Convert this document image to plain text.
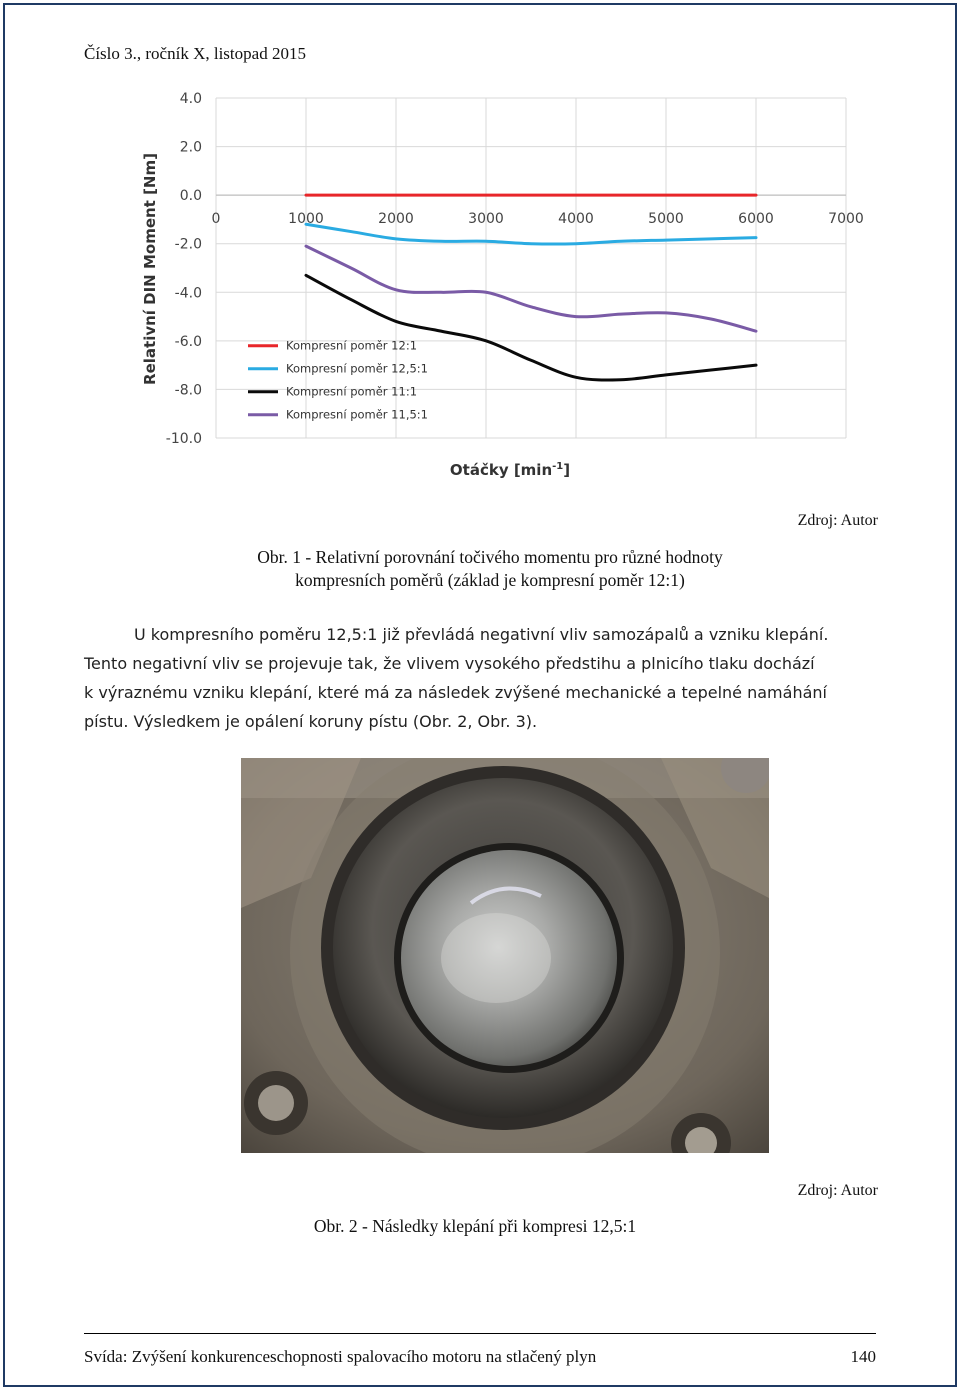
Číslo 3., ročník X, listopad 2015
4.0
2.0
0.0
-2.0
-4.0
-6.0
-8.0
-10.0
0	1000	2000	3000	4000	5000	6000	7000
Kompresní poměr 12:1
Kompresní poměr 12,5:1
Kompresní poměr 11:1
Kompresní poměr 11,5:1
Relativní DIN Moment [Nm]
Otáčky $[\min^{-1}]$
Zdroj: Autor
Obr. 1 - Relativní porovnání točivého momentu pro různé hodnoty
kompresních poměrů (základ je kompresní poměr 12:1)
U kompresního poměru 12,5:1 již převládá negativní vliv samozápalů a vzniku klepání.
Tento negativní vliv se projevuje tak, že vlivem vysokého předstihu a plnicího tlaku dochází
k výraznému vzniku klepání, které má za následek zvýšené mechanické a tepelné namáhání
pístu. Výsledkem je opálení koruny pístu (Obr. 2, Obr. 3).
Zdroj: Autor
Obr. 2 - Následky klepání při kompresi 12,5:1
Svída: Zvýšení konkurenceschopnosti spalovacího motoru na stlačený plyn	140
